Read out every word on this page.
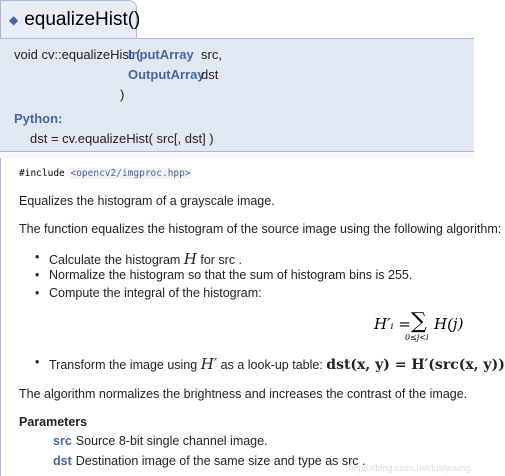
◆ equalizeHist()
void cv::equalizeHist (
InputArray src,
OutputArray
dst
)
Python:
dst = cv.equalizeHist( src[, dst] )
#include <opencv2/imgproc.hpp>
Equalizes the histogram of a grayscale image.
The function equalizes the histogram of the source image using the following algorithm:
• Calculate the histogram H for src .
• Normalize the histogram so that the sum of histogram bins is 255.
• Compute the integral of the histogram:
H′ᵢ = ∑
0≤j<i
H(j)
• Transform the image using H′ as a look-up table: dst(x, y) = H′(src(x, y))
The algorithm normalizes the brightness and increases the contrast of the image.
Parameters
src Source 8-bit single channel image.
dst Destination image of the same size and type as src .
https://blog.csdn.net/lustyoung
